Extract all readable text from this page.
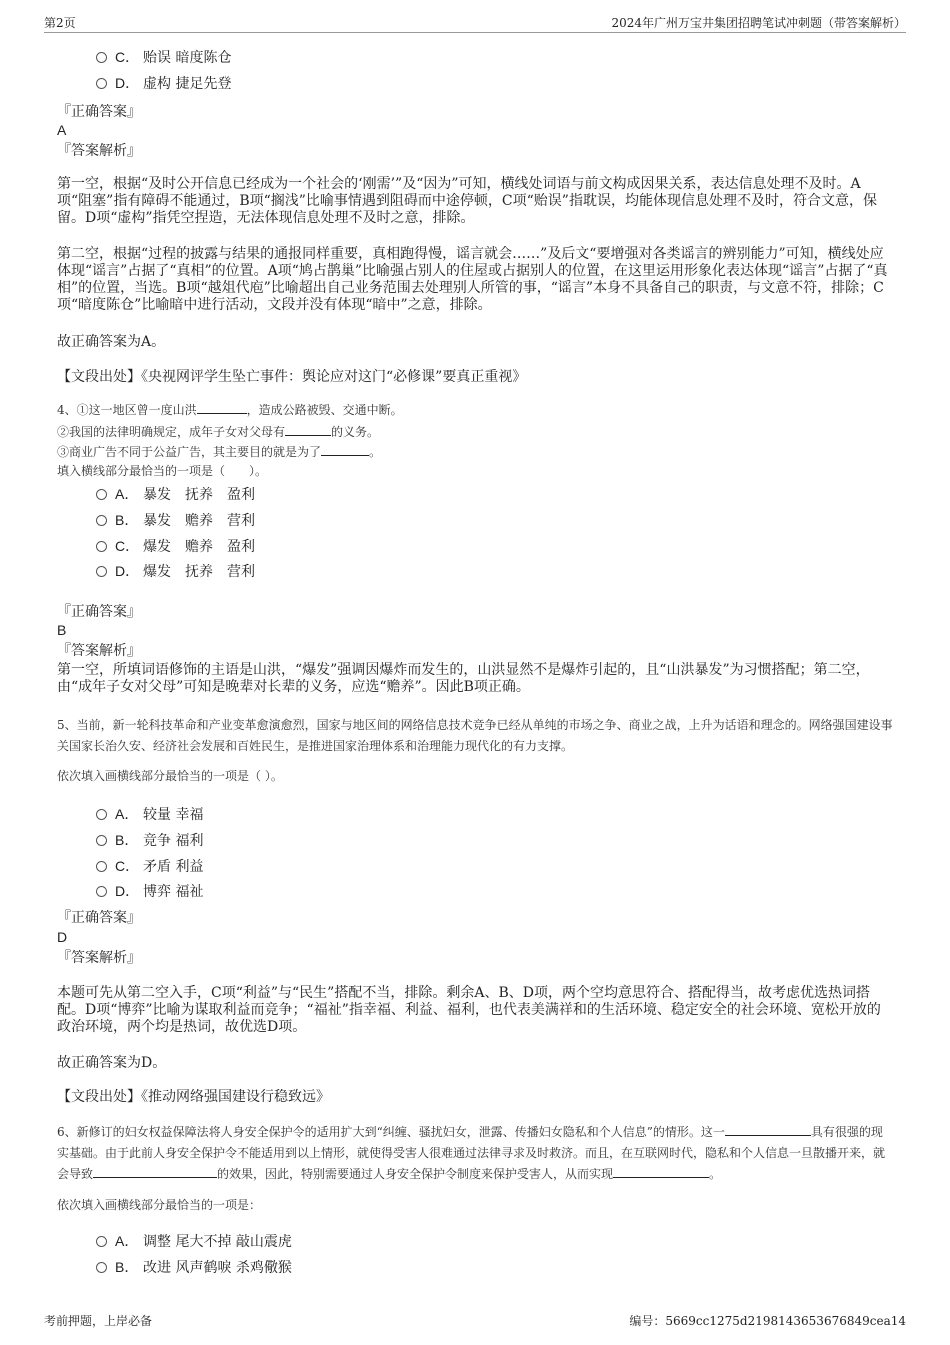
第2页	2024年广州万宝井集团招聘笔试冲刺题（带答案解析）
C． 贻误 暗度陈仓
D． 虚构 捷足先登
『正确答案』
A
『答案解析』
第一空，根据“及时公开信息已经成为一个社会的‘刚需’”及“因为”可知，横线处词语与前文构成因果关系，表达信息处理不及时。A项“阻塞”指有障碍不能通过，B项“搁浅”比喻事情遇到阻碍而中途停顿，C项“贻误”指耽误，均能体现信息处理不及时，符合文意，保留。D项“虚构”指凭空捏造，无法体现信息处理不及时之意，排除。
第二空，根据“过程的披露与结果的通报同样重要，真相跑得慢，谣言就会……”及后文“要增强对各类谣言的辨别能力”可知，横线处应体现“谣言”占据了“真相”的位置。A项“鸠占鹊巢”比喻强占别人的住屋或占据别人的位置，在这里运用形象化表达体现“谣言”占据了“真相”的位置，当选。B项“越俎代庖”比喻超出自己业务范围去处理别人所管的事，“谣言”本身不具备自己的职责，与文意不符，排除；C项“暗度陈仓”比喻暗中进行活动，文段并没有体现“暗中”之意，排除。
故正确答案为A。
【文段出处】《央视网评学生坠亡事件：舆论应对这门“必修课”要真正重视》
4、①这一地区曾一度山洪	，造成公路被毁、交通中断。
②我国的法律明确规定，成年子女对父母有	的义务。
③商业广告不同于公益广告，其主要目的就是为了	。
填入横线部分最恰当的一项是（　　）。
A． 暴发　抚养　盈利
B． 暴发　赡养　营利
C． 爆发　赡养　盈利
D． 爆发　抚养　营利
『正确答案』
B
『答案解析』
第一空，所填词语修饰的主语是山洪，“爆发”强调因爆炸而发生的，山洪显然不是爆炸引起的，且“山洪暴发”为习惯搭配；第二空，由“成年子女对父母”可知是晚辈对长辈的义务，应选“赡养”。因此B项正确。
5、当前，新一轮科技革命和产业变革愈演愈烈，国家与地区间的网络信息技术竞争已经从单纯的市场之争、商业之战，上升为话语和理念的。网络强国建设事关国家长治久安、经济社会发展和百姓民生，是推进国家治理体系和治理能力现代化的有力支撑。
依次填入画横线部分最恰当的一项是（ ）。
A． 较量 幸福
B． 竞争 福利
C． 矛盾 利益
D． 博弈 福祉
『正确答案』
D
『答案解析』
本题可先从第二空入手，C项“利益”与“民生”搭配不当，排除。剩余A、B、D项，两个空均意思符合、搭配得当，故考虑优选热词搭配。D项“博弈”比喻为谋取利益而竞争；“福祉”指幸福、利益、福利，也代表美满祥和的生活环境、稳定安全的社会环境、宽松开放的政治环境，两个均是热词，故优选D项。
故正确答案为D。
【文段出处】《推动网络强国建设行稳致远》
6、新修订的妇女权益保障法将人身安全保护令的适用扩大到“纠缠、骚扰妇女，泄露、传播妇女隐私和个人信息”的情形。这一	具有很强的现实基础。由于此前人身安全保护令不能适用到以上情形，就使得受害人很难通过法律寻求及时救济。而且，在互联网时代，隐私和个人信息一旦散播开来，就会导致	的效果，因此，特别需要通过人身安全保护令制度来保护受害人，从而实现	。
依次填入画横线部分最恰当的一项是：
A． 调整 尾大不掉 敲山震虎
B． 改进 风声鹤唳 杀鸡儆猴
考前押题，上岸必备	编号：5669cc1275d2198143653676849cea14
